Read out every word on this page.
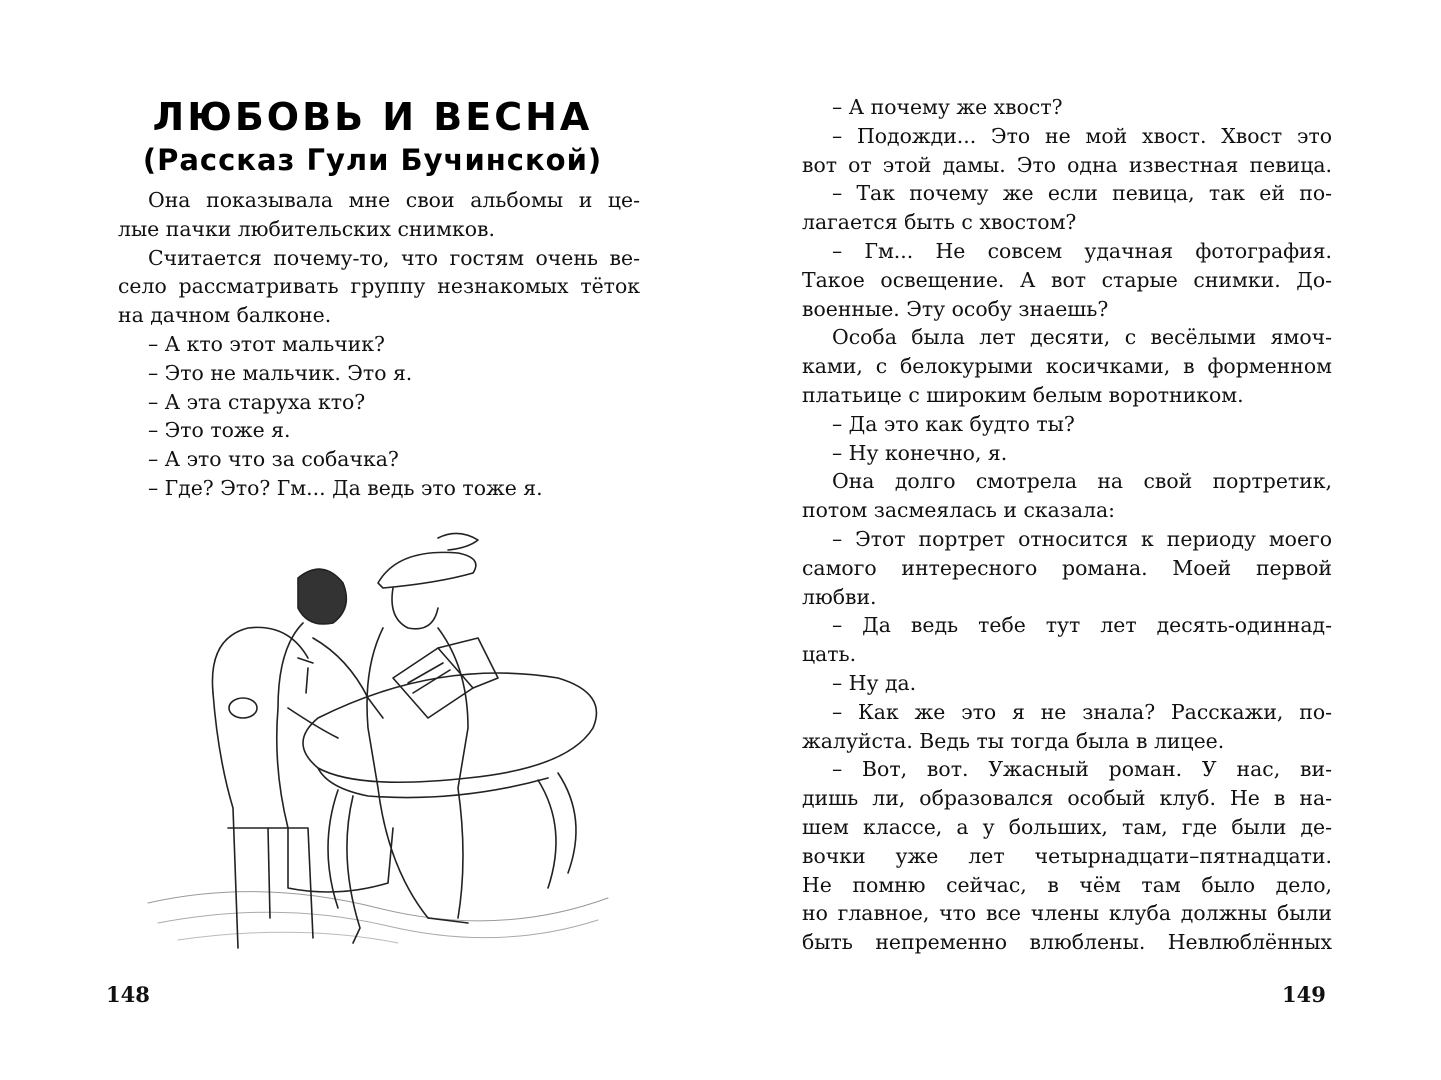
ЛЮБОВЬ И ВЕСНА
(Рассказ Гули Бучинской)

Она показывала мне свои альбомы и це-

лые пачки любительских снимков.

Считается почему-то, что гостям очень ве-

село рассматривать группу незнакомых тёток

на дачном балконе.

– А кто этот мальчик?

– Это не мальчик. Это я.

– А эта старуха кто?

– Это тоже я.

– А это что за собачка?

– Где? Это? Гм... Да ведь это тоже я.

148

– А почему же хвост?

– Подожди... Это не мой хвост. Хвост это

вот от этой дамы. Это одна известная певица.

– Так почему же если певица, так ей по-

лагается быть с хвостом?

– Гм... Не совсем удачная фотография.

Такое освещение. А вот старые снимки. До-

военные. Эту особу знаешь?

Особа была лет десяти, с весёлыми ямоч-

ками, с белокурыми косичками, в форменном

платьице с широким белым воротником.

– Да это как будто ты?

– Ну конечно, я.

Она долго смотрела на свой портретик,

потом засмеялась и сказала:

– Этот портрет относится к периоду моего

самого интересного романа. Моей первой

любви.

– Да ведь тебе тут лет десять-одиннад-

цать.

– Ну да.

– Как же это я не знала? Расскажи, по-

жалуйста. Ведь ты тогда была в лицее.

– Вот, вот. Ужасный роман. У нас, ви-

дишь ли, образовался особый клуб. Не в на-

шем классе, а у больших, там, где были де-

вочки уже лет четырнадцати–пятнадцати.

Не помню сейчас, в чём там было дело,

но главное, что все члены клуба должны были

быть непременно влюблены. Невлюблённых

149
